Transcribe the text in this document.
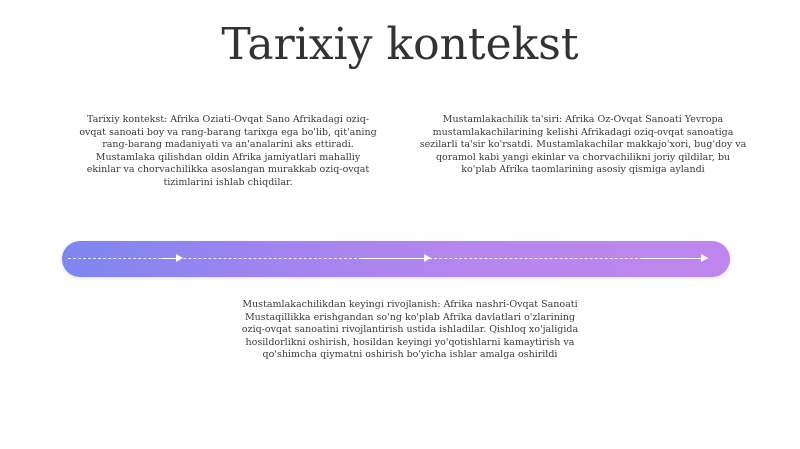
Tarixiy kontekst

Tarixiy kontekst: Afrika Oziati-Ovqat Sano Afrikadagi oziq-ovqat sanoati boy va rang-barang tarixga ega bo'lib, qit'aning rang-barang madaniyati va an'analarini aks ettiradi. Mustamlaka qilishdan oldin Afrika jamiyatlari mahalliy ekinlar va chorvachilikka asoslangan murakkab oziq-ovqat tizimlarini ishlab chiqdilar.

Mustamlakachilik ta'siri: Afrika Oz-Ovqat Sanoati Yevropa mustamlakachilarining kelishi Afrikadagi oziq-ovqat sanoatiga sezilarli ta'sir ko'rsatdi. Mustamlakachilar makkajo'xori, bug'doy va qoramol kabi yangi ekinlar va chorvachilikni joriy qildilar, bu ko'plab Afrika taomlarining asosiy qismiga aylandi

Mustamlakachilikdan keyingi rivojlanish: Afrika nashri-Ovqat Sanoati Mustaqillikka erishgandan so'ng ko'plab Afrika davlatlari o'zlarining oziq-ovqat sanoatini rivojlantirish ustida ishladilar. Qishloq xo'jaligida hosildorlikni oshirish, hosildan keyingi yo'qotishlarni kamaytirish va qo'shimcha qiymatni oshirish bo'yicha ishlar amalga oshirildi
